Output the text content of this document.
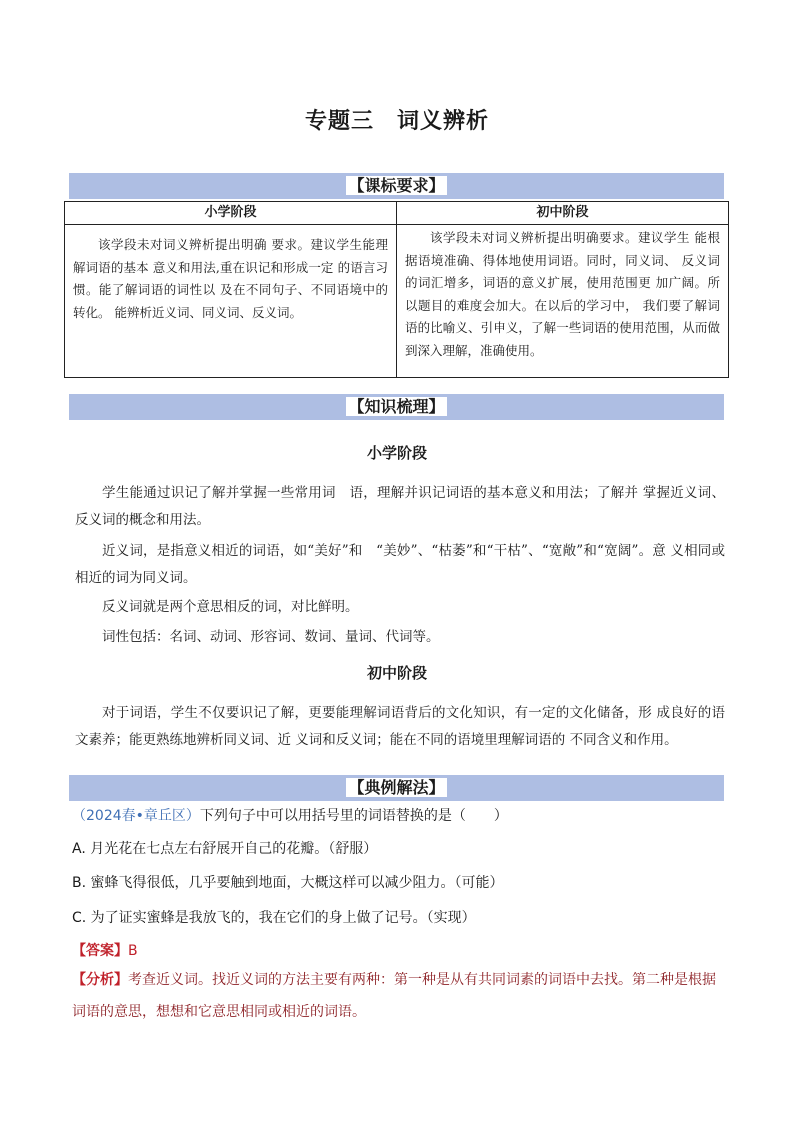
专题三　词义辨析
【课标要求】
小学阶段	初中阶段
该学段未对词义辨析提出明确 要求。建议学生能理解词语的基本 意义和用法,重在识记和形成一定 的语言习惯。能了解词语的词性以 及在不同句子、不同语境中的转化。 能辨析近义词、同义词、反义词。
该学段未对词义辨析提出明确要求。建议学生 能根据语境准确、得体地使用词语。同时，同义词、 反义词的词汇增多，词语的意义扩展，使用范围更 加广阔。所以题目的难度会加大。在以后的学习中， 我们要了解词语的比喻义、引申义，了解一些词语的使用范围，从而做到深入理解，准确使用。
【知识梳理】
小学阶段
学生能通过识记了解并掌握一些常用词　语，理解并识记词语的基本意义和用法；了解并 掌握近义词、反义词的概念和用法。
近义词，是指意义相近的词语，如“美好”和　“美妙”、“枯萎”和“干枯”、“宽敞”和“宽阔”。意 义相同或相近的词为同义词。
反义词就是两个意思相反的词，对比鲜明。
词性包括：名词、动词、形容词、数词、量词、代词等。
初中阶段
对于词语，学生不仅要识记了解，更要能理解词语背后的文化知识，有一定的文化储备，形 成良好的语文素养；能更熟练地辨析同义词、近 义词和反义词；能在不同的语境里理解词语的 不同含义和作用。
【典例解法】
（2024春•章丘区）下列句子中可以用括号里的词语替换的是（　　）
A. 月光花在七点左右舒展开自己的花瓣。（舒服）
B. 蜜蜂飞得很低，几乎要触到地面，大概这样可以减少阻力。（可能）
C. 为了证实蜜蜂是我放飞的，我在它们的身上做了记号。（实现）
【答案】B
【分析】考查近义词。找近义词的方法主要有两种：第一种是从有共同词素的词语中去找。第二种是根据词语的意思，想想和它意思相同或相近的词语。
